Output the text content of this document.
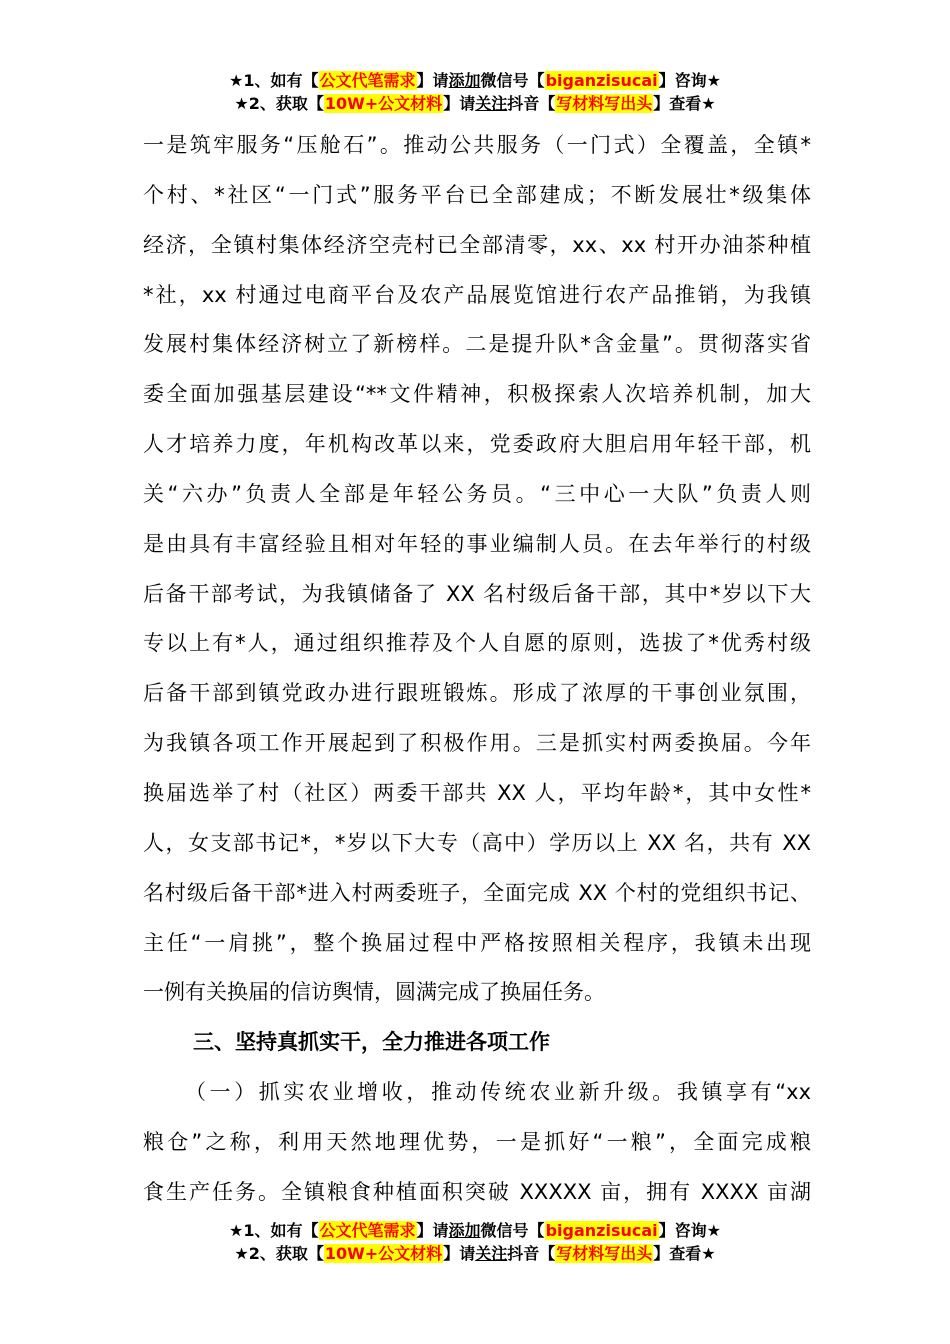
★1、如有【公文代笔需求】请添加微信号【biganzisucai】咨询★
★2、获取【10W+公文材料】请关注抖音【写材料写出头】查看★
一是筑牢服务“压舱石”。推动公共服务（一门式）全覆盖，全镇*
个村、*社区“一门式”服务平台已全部建成；不断发展壮*级集体
经济，全镇村集体经济空壳村已全部清零，xx、xx 村开办油茶种植
*社，xx 村通过电商平台及农产品展览馆进行农产品推销，为我镇
发展村集体经济树立了新榜样。二是提升队*含金量”。贯彻落实省
委全面加强基层建设“**文件精神，积极探索人次培养机制，加大
人才培养力度，年机构改革以来，党委政府大胆启用年轻干部，机
关“六办”负责人全部是年轻公务员。“三中心一大队”负责人则
是由具有丰富经验且相对年轻的事业编制人员。在去年举行的村级
后备干部考试，为我镇储备了 XX 名村级后备干部，其中*岁以下大
专以上有*人，通过组织推荐及个人自愿的原则，选拔了*优秀村级
后备干部到镇党政办进行跟班锻炼。形成了浓厚的干事创业氛围，
为我镇各项工作开展起到了积极作用。三是抓实村两委换届。今年
换届选举了村（社区）两委干部共 XX 人，平均年龄*，其中女性*
人，女支部书记*，*岁以下大专（高中）学历以上 XX 名，共有 XX
名村级后备干部*进入村两委班子，全面完成 XX 个村的党组织书记、
主任“一肩挑”，整个换届过程中严格按照相关程序，我镇未出现
一例有关换届的信访舆情，圆满完成了换届任务。
三、坚持真抓实干，全力推进各项工作
（一）抓实农业增收，推动传统农业新升级。我镇享有“xx
粮仓”之称，利用天然地理优势，一是抓好“一粮”，全面完成粮
食生产任务。全镇粮食种植面积突破 XXXXX 亩，拥有 XXXX 亩湖
★1、如有【公文代笔需求】请添加微信号【biganzisucai】咨询★
★2、获取【10W+公文材料】请关注抖音【写材料写出头】查看★
